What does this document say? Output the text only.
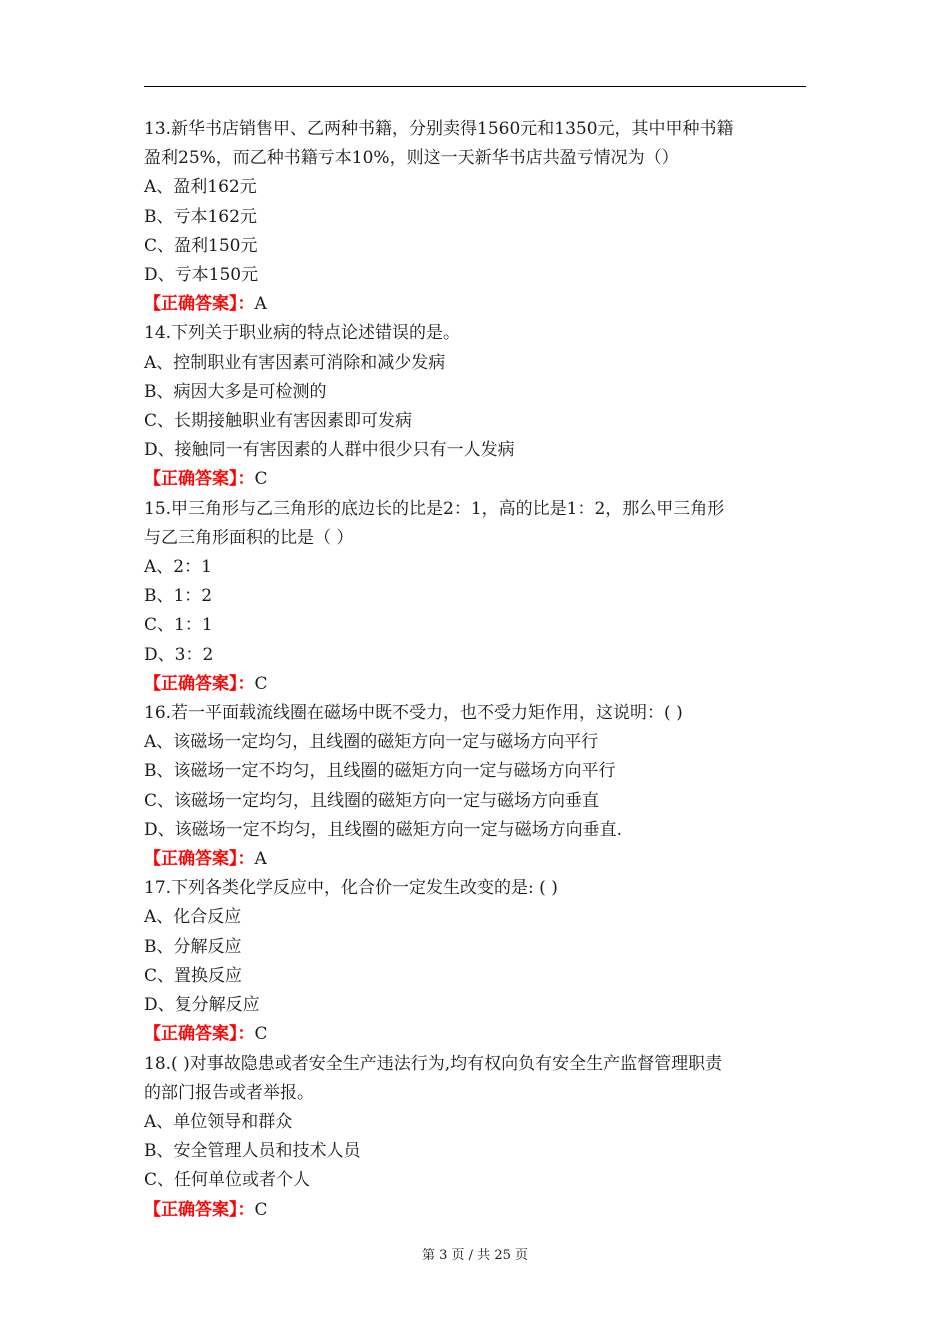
13.新华书店销售甲、乙两种书籍，分别卖得1560元和1350元，其中甲种书籍

盈利25%，而乙种书籍亏本10%，则这一天新华书店共盈亏情况为（）

A、盈利162元

B、亏本162元

C、盈利150元

D、亏本150元

【正确答案】：A

14.下列关于职业病的特点论述错误的是。

A、控制职业有害因素可消除和减少发病

B、病因大多是可检测的

C、长期接触职业有害因素即可发病

D、接触同一有害因素的人群中很少只有一人发病

【正确答案】：C

15.甲三角形与乙三角形的底边长的比是2：1，高的比是1：2，那么甲三角形

与乙三角形面积的比是（ ）

A、2：1

B、1：2

C、1：1

D、3：2

【正确答案】：C

16.若一平面载流线圈在磁场中既不受力，也不受力矩作用，这说明：( )

A、该磁场一定均匀，且线圈的磁矩方向一定与磁场方向平行

B、该磁场一定不均匀，且线圈的磁矩方向一定与磁场方向平行

C、该磁场一定均匀，且线圈的磁矩方向一定与磁场方向垂直

D、该磁场一定不均匀，且线圈的磁矩方向一定与磁场方向垂直.

【正确答案】：A

17.下列各类化学反应中，化合价一定发生改变的是: ( )

A、化合反应

B、分解反应

C、置换反应

D、复分解反应

【正确答案】：C

18.( )对事故隐患或者安全生产违法行为,均有权向负有安全生产监督管理职责

的部门报告或者举报。

A、单位领导和群众

B、安全管理人员和技术人员

C、任何单位或者个人

【正确答案】：C

第 3 页 / 共 25 页
